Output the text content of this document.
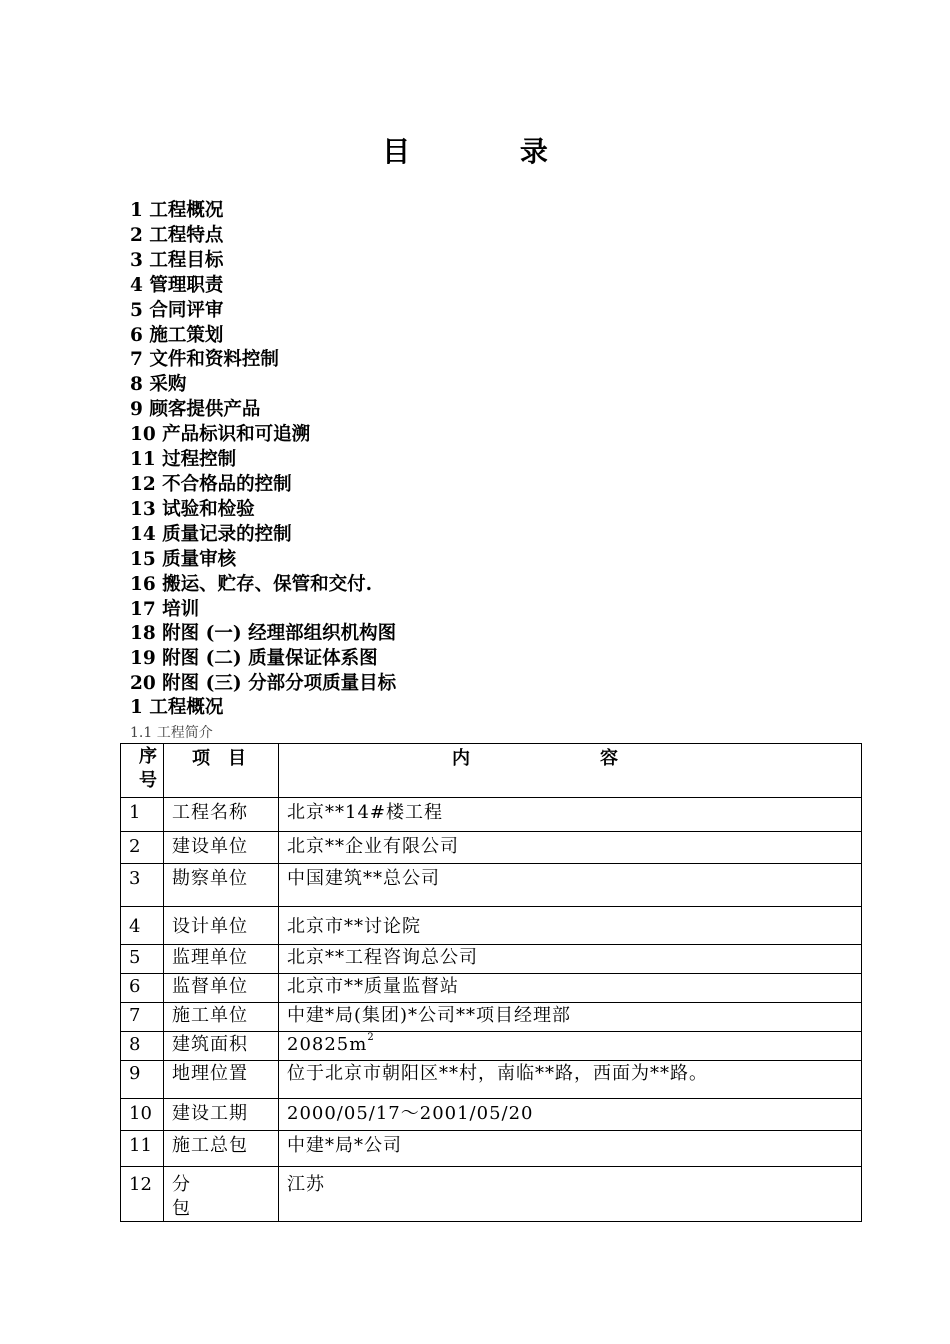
目 录
1 工程概况
2 工程特点
3 工程目标
4 管理职责
5 合同评审
6 施工策划
7 文件和资料控制
8 采购
9 顾客提供产品
10 产品标识和可追溯
11 过程控制
12 不合格品的控制
13 试验和检验
14 质量记录的控制
15 质量审核
16 搬运、贮存、保管和交付.
17 培训
18 附图 (一) 经理部组织机构图
19 附图 (二) 质量保证体系图
20 附图 (三) 分部分项质量目标
1 工程概况
1.1 工程简介
序号	项目	内容
1	工程名称	北京**14#楼工程
2	建设单位	北京**企业有限公司
3	勘察单位	中国建筑**总公司
4	设计单位	北京市**讨论院
5	监理单位	北京**工程咨询总公司
6	监督单位	北京市**质量监督站
7	施工单位	中建*局(集团)*公司**项目经理部
8	建筑面积	$20825m^2$
9	地理位置	位于北京市朝阳区**村，南临**路，西面为**路。
10	建设工期	2000/05/17～2001/05/20
11	施工总包	中建*局*公司
12	分包	江苏
